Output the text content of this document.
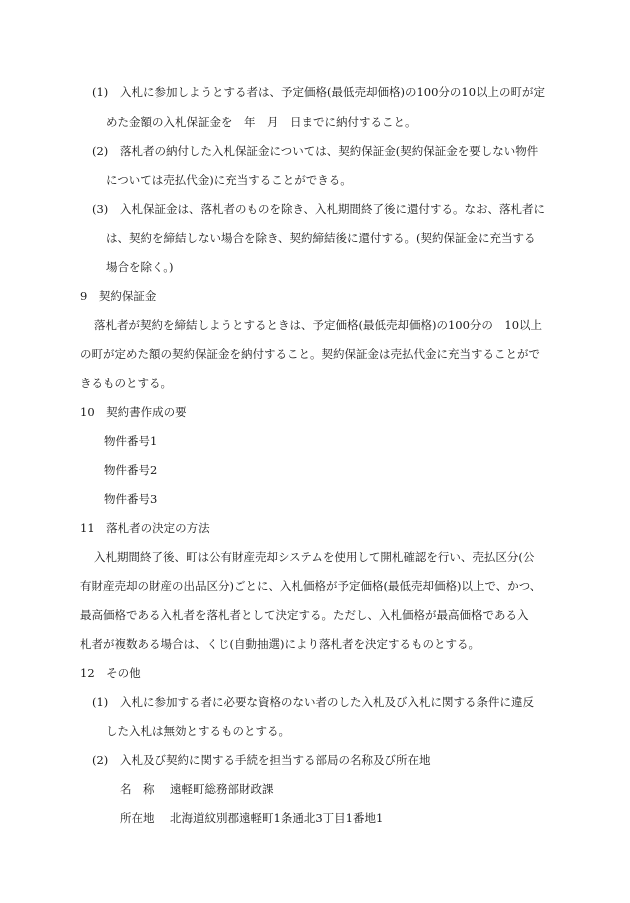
(1) 入札に参加しようとする者は、予定価格(最低売却価格)の100分の10以上の町が定
めた金額の入札保証金を　年　月　日までに納付すること。
(2) 落札者の納付した入札保証金については、契約保証金(契約保証金を要しない物件
については売払代金)に充当することができる。
(3) 入札保証金は、落札者のものを除き、入札期間終了後に還付する。なお、落札者に
は、契約を締結しない場合を除き、契約締結後に還付する。(契約保証金に充当する
場合を除く。)
9　契約保証金
落札者が契約を締結しようとするときは、予定価格(最低売却価格)の100分の　10以上
の町が定めた額の契約保証金を納付すること。契約保証金は売払代金に充当することがで
きるものとする。
10　契約書作成の要
物件番号1
物件番号2
物件番号3
11　落札者の決定の方法
入札期間終了後、町は公有財産売却システムを使用して開札確認を行い、売払区分(公
有財産売却の財産の出品区分)ごとに、入札価格が予定価格(最低売却価格)以上で、かつ、
最高価格である入札者を落札者として決定する。ただし、入札価格が最高価格である入
札者が複数ある場合は、くじ(自動抽選)により落札者を決定するものとする。
12　その他
(1) 入札に参加する者に必要な資格のない者のした入札及び入札に関する条件に違反
した入札は無効とするものとする。
(2) 入札及び契約に関する手続を担当する部局の名称及び所在地
名　称 遠軽町総務部財政課
所在地 北海道紋別郡遠軽町1条通北3丁目1番地1
